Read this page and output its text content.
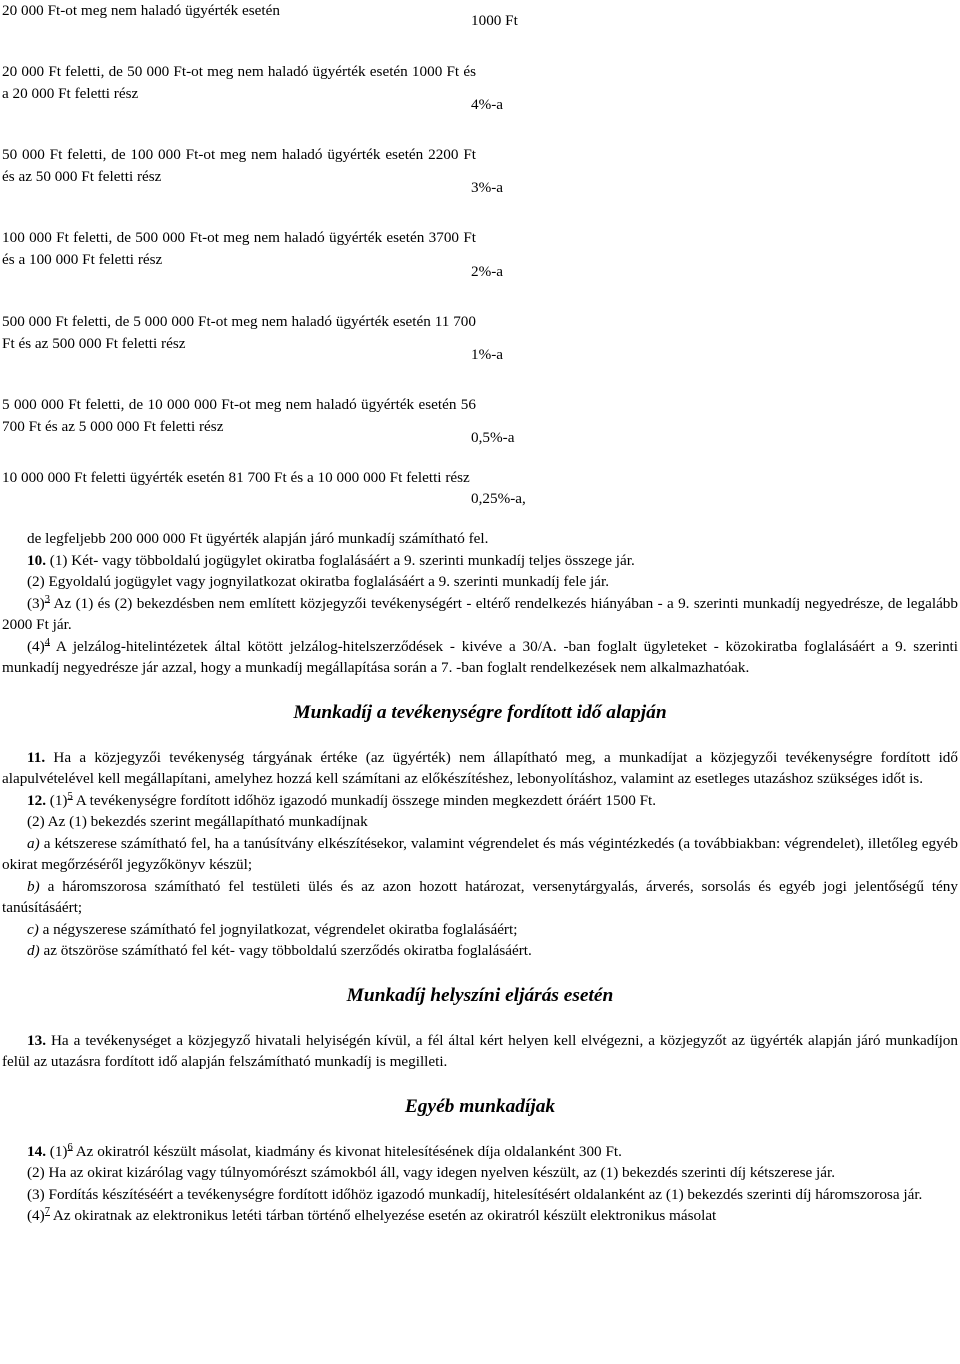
20 000 Ft-ot meg nem haladó ügyérték esetén
1000 Ft
20 000 Ft feletti, de 50 000 Ft-ot meg nem haladó ügyérték esetén 1000 Ft és a 20 000 Ft feletti rész
4%-a
50 000 Ft feletti, de 100 000 Ft-ot meg nem haladó ügyérték esetén 2200 Ft és az 50 000 Ft feletti rész
3%-a
100 000 Ft feletti, de 500 000 Ft-ot meg nem haladó ügyérték esetén 3700 Ft és a 100 000 Ft feletti rész
2%-a
500 000 Ft feletti, de 5 000 000 Ft-ot meg nem haladó ügyérték esetén 11 700 Ft és az 500 000 Ft feletti rész
1%-a
5 000 000 Ft feletti, de 10 000 000 Ft-ot meg nem haladó ügyérték esetén 56 700 Ft és az 5 000 000 Ft feletti rész
0,5%-a
10 000 000 Ft feletti ügyérték esetén 81 700 Ft és a 10 000 000 Ft feletti rész
0,25%-a,

de legfeljebb 200 000 000 Ft ügyérték alapján járó munkadíj számítható fel.

10. (1) Két- vagy többoldalú jogügylet okiratba foglalásáért a 9. szerinti munkadíj teljes összege jár.

(2) Egyoldalú jogügylet vagy jognyilatkozat okiratba foglalásáért a 9. szerinti munkadíj fele jár.

(3)$^3$ Az (1) és (2) bekezdésben nem említett közjegyzői tevékenységért - eltérő rendelkezés hiányában - a 9. szerinti munkadíj negyedrésze, de legalább 2000 Ft jár.

(4)$^4$ A jelzálog-hitelintézetek által kötött jelzálog-hitelszerződések - kivéve a 30/A. -ban foglalt ügyleteket - közokiratba foglalásáért a 9. szerinti munkadíj negyedrésze jár azzal, hogy a munkadíj megállapítása során a 7. -ban foglalt rendelkezések nem alkalmazhatóak.

Munkadíj a tevékenységre fordított idő alapján

11. Ha a közjegyzői tevékenység tárgyának értéke (az ügyérték) nem állapítható meg, a munkadíjat a közjegyzői tevékenységre fordított idő alapulvételével kell megállapítani, amelyhez hozzá kell számítani az előkészítéshez, lebonyolításhoz, valamint az esetleges utazáshoz szükséges időt is.

12. (1)$^5$ A tevékenységre fordított időhöz igazodó munkadíj összege minden megkezdett óráért 1500 Ft.

(2) Az (1) bekezdés szerint megállapítható munkadíjnak

a) a kétszerese számítható fel, ha a tanúsítvány elkészítésekor, valamint végrendelet és más végintézkedés (a továbbiakban: végrendelet), illetőleg egyéb okirat megőrzéséről jegyzőkönyv készül;

b) a háromszorosa számítható fel testületi ülés és az azon hozott határozat, versenytárgyalás, árverés, sorsolás és egyéb jogi jelentőségű tény tanúsításáért;

c) a négyszerese számítható fel jognyilatkozat, végrendelet okiratba foglalásáért;

d) az ötszöröse számítható fel két- vagy többoldalú szerződés okiratba foglalásáért.

Munkadíj helyszíni eljárás esetén

13. Ha a tevékenységet a közjegyző hivatali helyiségén kívül, a fél által kért helyen kell elvégezni, a közjegyzőt az ügyérték alapján járó munkadíjon felül az utazásra fordított idő alapján felszámítható munkadíj is megilleti.

Egyéb munkadíjak

14. (1)$^6$ Az okiratról készült másolat, kiadmány és kivonat hitelesítésének díja oldalanként 300 Ft.

(2) Ha az okirat kizárólag vagy túlnyomórészt számokból áll, vagy idegen nyelven készült, az (1) bekezdés szerinti díj kétszerese jár.

(3) Fordítás készítéséért a tevékenységre fordított időhöz igazodó munkadíj, hitelesítésért oldalanként az (1) bekezdés szerinti díj háromszorosa jár.

(4)$^7$ Az okiratnak az elektronikus letéti tárban történő elhelyezése esetén az okiratról készült elektronikus másolat
